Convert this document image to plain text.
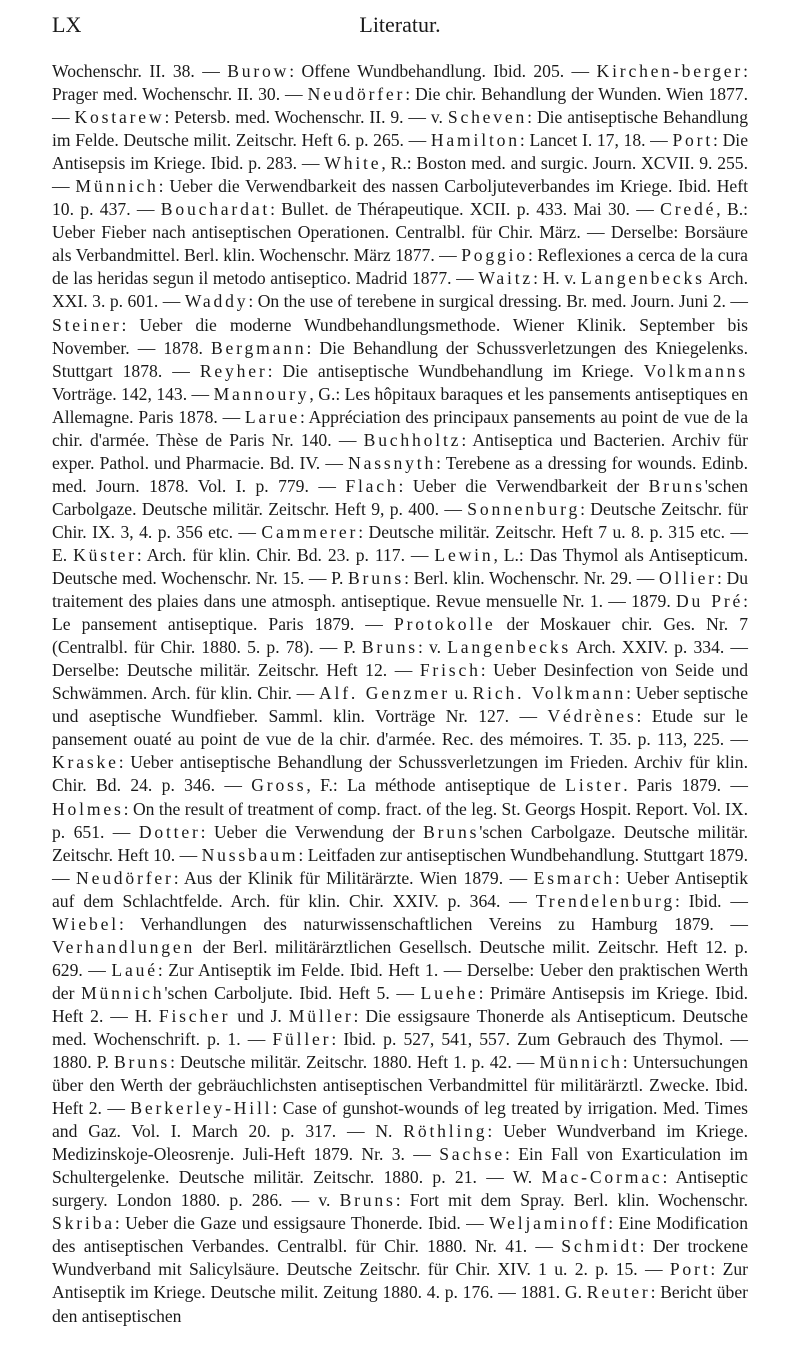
LX	Literatur.
Wochenschr. II. 38. — Burow: Offene Wundbehandlung. Ibid. 205. — Kirchen-berger: Prager med. Wochenschr. II. 30. — Neudörfer: Die chir. Behandlung der Wunden. Wien 1877. — Kostarew: Petersb. med. Wochenschr. II. 9. — v. Scheven: Die antiseptische Behandlung im Felde. Deutsche milit. Zeitschr. Heft 6. p. 265. — Hamilton: Lancet I. 17, 18. — Port: Die Antisepsis im Kriege. Ibid. p. 283. — White, R.: Boston med. and surgic. Journ. XCVII. 9. 255. — Münnich: Ueber die Verwendbarkeit des nassen Carboljuteverbandes im Kriege. Ibid. Heft 10. p. 437. — Bouchardat: Bullet. de Thérapeutique. XCII. p. 433. Mai 30. — Credé, B.: Ueber Fieber nach antiseptischen Operationen. Centralbl. für Chir. März. — Derselbe: Borsäure als Verbandmittel. Berl. klin. Wochenschr. März 1877. — Poggio: Reflexiones a cerca de la cura de las heridas segun il metodo antiseptico. Madrid 1877. — Waitz: H. v. Langenbecks Arch. XXI. 3. p. 601. — Waddy: On the use of terebene in surgical dressing. Br. med. Journ. Juni 2. — Steiner: Ueber die moderne Wundbehandlungsmethode. Wiener Klinik. September bis November. — 1878. Bergmann: Die Behandlung der Schussverletzungen des Kniegelenks. Stuttgart 1878. — Reyher: Die antiseptische Wundbehandlung im Kriege. Volkmanns Vorträge. 142, 143. — Mannoury, G.: Les hôpitaux baraques et les pansements antiseptiques en Allemagne. Paris 1878. — Larue: Appréciation des principaux pansements au point de vue de la chir. d'armée. Thèse de Paris Nr. 140. — Buchholtz: Antiseptica und Bacterien. Archiv für exper. Pathol. und Pharmacie. Bd. IV. — Nassnyth: Terebene as a dressing for wounds. Edinb. med. Journ. 1878. Vol. I. p. 779. — Flach: Ueber die Verwendbarkeit der Bruns'schen Carbolgaze. Deutsche militär. Zeitschr. Heft 9, p. 400. — Sonnenburg: Deutsche Zeitschr. für Chir. IX. 3, 4. p. 356 etc. — Cammerer: Deutsche militär. Zeitschr. Heft 7 u. 8. p. 315 etc. — E. Küster: Arch. für klin. Chir. Bd. 23. p. 117. — Lewin, L.: Das Thymol als Antisepticum. Deutsche med. Wochenschr. Nr. 15. — P. Bruns: Berl. klin. Wochenschr. Nr. 29. — Ollier: Du traitement des plaies dans une atmosph. antiseptique. Revue mensuelle Nr. 1. — 1879. Du Pré: Le pansement antiseptique. Paris 1879. — Protokolle der Moskauer chir. Ges. Nr. 7 (Centralbl. für Chir. 1880. 5. p. 78). — P. Bruns: v. Langenbecks Arch. XXIV. p. 334. — Derselbe: Deutsche militär. Zeitschr. Heft 12. — Frisch: Ueber Desinfection von Seide und Schwämmen. Arch. für klin. Chir. — Alf. Genzmer u. Rich. Volkmann: Ueber septische und aseptische Wundfieber. Samml. klin. Vorträge Nr. 127. — Védrènes: Etude sur le pansement ouaté au point de vue de la chir. d'armée. Rec. des mémoires. T. 35. p. 113, 225. — Kraske: Ueber antiseptische Behandlung der Schussverletzungen im Frieden. Archiv für klin. Chir. Bd. 24. p. 346. — Gross, F.: La méthode antiseptique de Lister. Paris 1879. — Holmes: On the result of treatment of comp. fract. of the leg. St. Georgs Hospit. Report. Vol. IX. p. 651. — Dotter: Ueber die Verwendung der Bruns'schen Carbolgaze. Deutsche militär. Zeitschr. Heft 10. — Nussbaum: Leitfaden zur antiseptischen Wundbehandlung. Stuttgart 1879. — Neudörfer: Aus der Klinik für Militärärzte. Wien 1879. — Esmarch: Ueber Antiseptik auf dem Schlachtfelde. Arch. für klin. Chir. XXIV. p. 364. — Trendelenburg: Ibid. — Wiebel: Verhandlungen des naturwissenschaftlichen Vereins zu Hamburg 1879. — Verhandlungen der Berl. militärärztlichen Gesellsch. Deutsche milit. Zeitschr. Heft 12. p. 629. — Laué: Zur Antiseptik im Felde. Ibid. Heft 1. — Derselbe: Ueber den praktischen Werth der Münnich'schen Carboljute. Ibid. Heft 5. — Luehe: Primäre Antisepsis im Kriege. Ibid. Heft 2. — H. Fischer und J. Müller: Die essigsaure Thonerde als Antisepticum. Deutsche med. Wochenschrift. p. 1. — Füller: Ibid. p. 527, 541, 557. Zum Gebrauch des Thymol. — 1880. P. Bruns: Deutsche militär. Zeitschr. 1880. Heft 1. p. 42. — Münnich: Untersuchungen über den Werth der gebräuchlichsten antiseptischen Verbandmittel für militärärztl. Zwecke. Ibid. Heft 2. — Berkerley-Hill: Case of gunshot-wounds of leg treated by irrigation. Med. Times and Gaz. Vol. I. March 20. p. 317. — N. Röthling: Ueber Wundverband im Kriege. Medizinskoje-Oleosrenje. Juli-Heft 1879. Nr. 3. — Sachse: Ein Fall von Exarticulation im Schultergelenke. Deutsche militär. Zeitschr. 1880. p. 21. — W. Mac-Cormac: Antiseptic surgery. London 1880. p. 286. — v. Bruns: Fort mit dem Spray. Berl. klin. Wochenschr. Skriba: Ueber die Gaze und essigsaure Thonerde. Ibid. — Weljaminoff: Eine Modification des antiseptischen Verbandes. Centralbl. für Chir. 1880. Nr. 41. — Schmidt: Der trockene Wundverband mit Salicylsäure. Deutsche Zeitschr. für Chir. XIV. 1 u. 2. p. 15. — Port: Zur Antiseptik im Kriege. Deutsche milit. Zeitung 1880. 4. p. 176. — 1881. G. Reuter: Bericht über den antiseptischen
